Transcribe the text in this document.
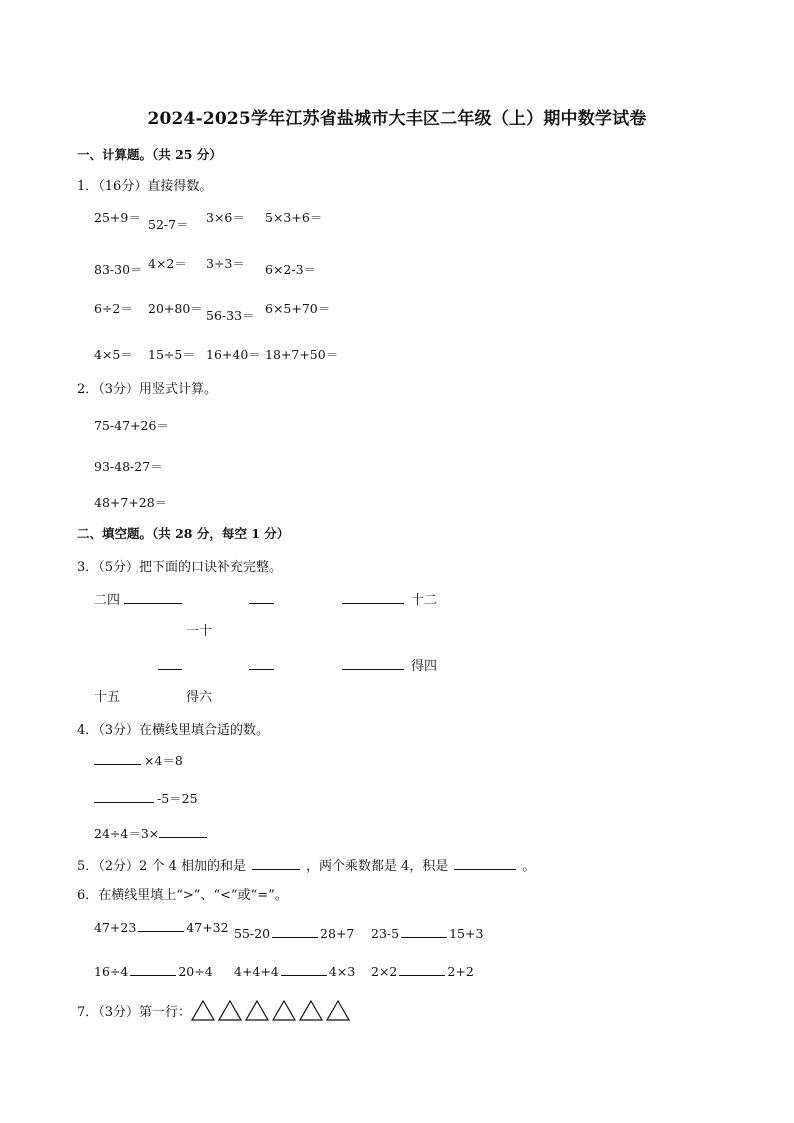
2024-2025学年江苏省盐城市大丰区二年级（上）期中数学试卷
一、计算题。（共 25 分）
1．（16分）直接得数。
25+9＝ 52-7＝ 3×6＝ 5×3+6＝
83-30＝ 4×2＝ 3÷3＝ 6×2-3＝
6÷2＝ 20+80＝ 56-33＝ 6×5+70＝
4×5＝ 15÷5＝ 16+40＝ 18+7+50＝
2．（3分）用竖式计算。
75-47+26＝
93-48-27＝
48+7+28＝
二、填空题。（共 28 分，每空 1 分）
3．（5分）把下面的口诀补充完整。
二四	十二
一十
得四
十五	得六
4．（3分）在横线里填合适的数。
×4＝8
-5＝25
24÷4＝3×
5．（2分）2 个 4 相加的和是	，两个乘数都是 4，积是	。
6．在横线里填上“>”、“<”或“=”。
47+23	47+32 55-20	28+7 23-5	15+3
16÷4	20÷4 4+4+4	4×3 2×2	2+2
7．（3分）第一行：
